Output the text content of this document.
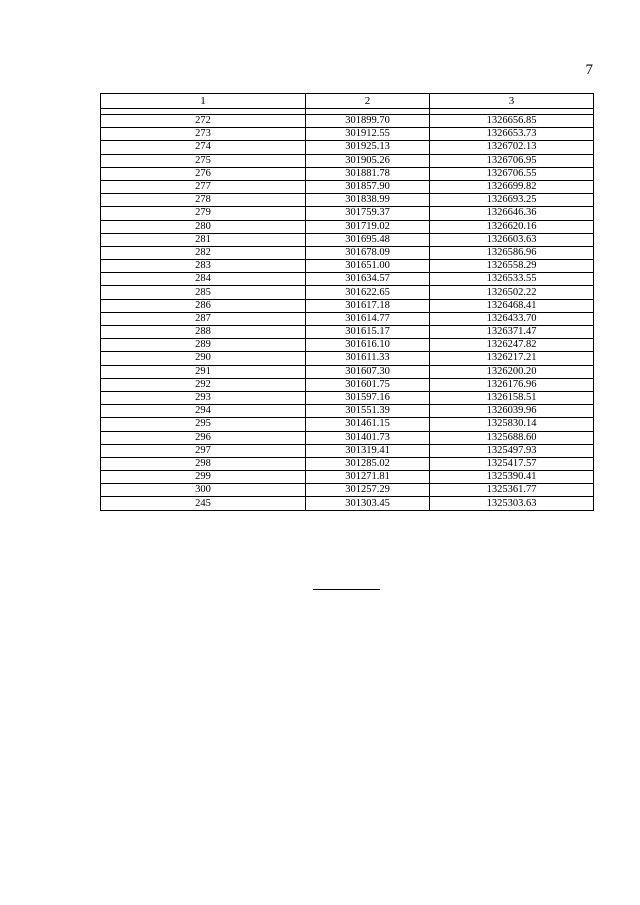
7
1	2	3

272	301899.70	1326656.85
273	301912.55	1326653.73
274	301925.13	1326702.13
275	301905.26	1326706.95
276	301881.78	1326706.55
277	301857.90	1326699.82
278	301838.99	1326693.25
279	301759.37	1326646.36
280	301719.02	1326620.16
281	301695.48	1326603.63
282	301678.09	1326586.96
283	301651.00	1326558.29
284	301634.57	1326533.55
285	301622.65	1326502.22
286	301617.18	1326468.41
287	301614.77	1326433.70
288	301615.17	1326371.47
289	301616.10	1326247.82
290	301611.33	1326217.21
291	301607.30	1326200.20
292	301601.75	1326176.96
293	301597.16	1326158.51
294	301551.39	1326039.96
295	301461.15	1325830.14
296	301401.73	1325688.60
297	301319.41	1325497.93
298	301285.02	1325417.57
299	301271.81	1325390.41
300	301257.29	1325361.77
245	301303.45	1325303.63
